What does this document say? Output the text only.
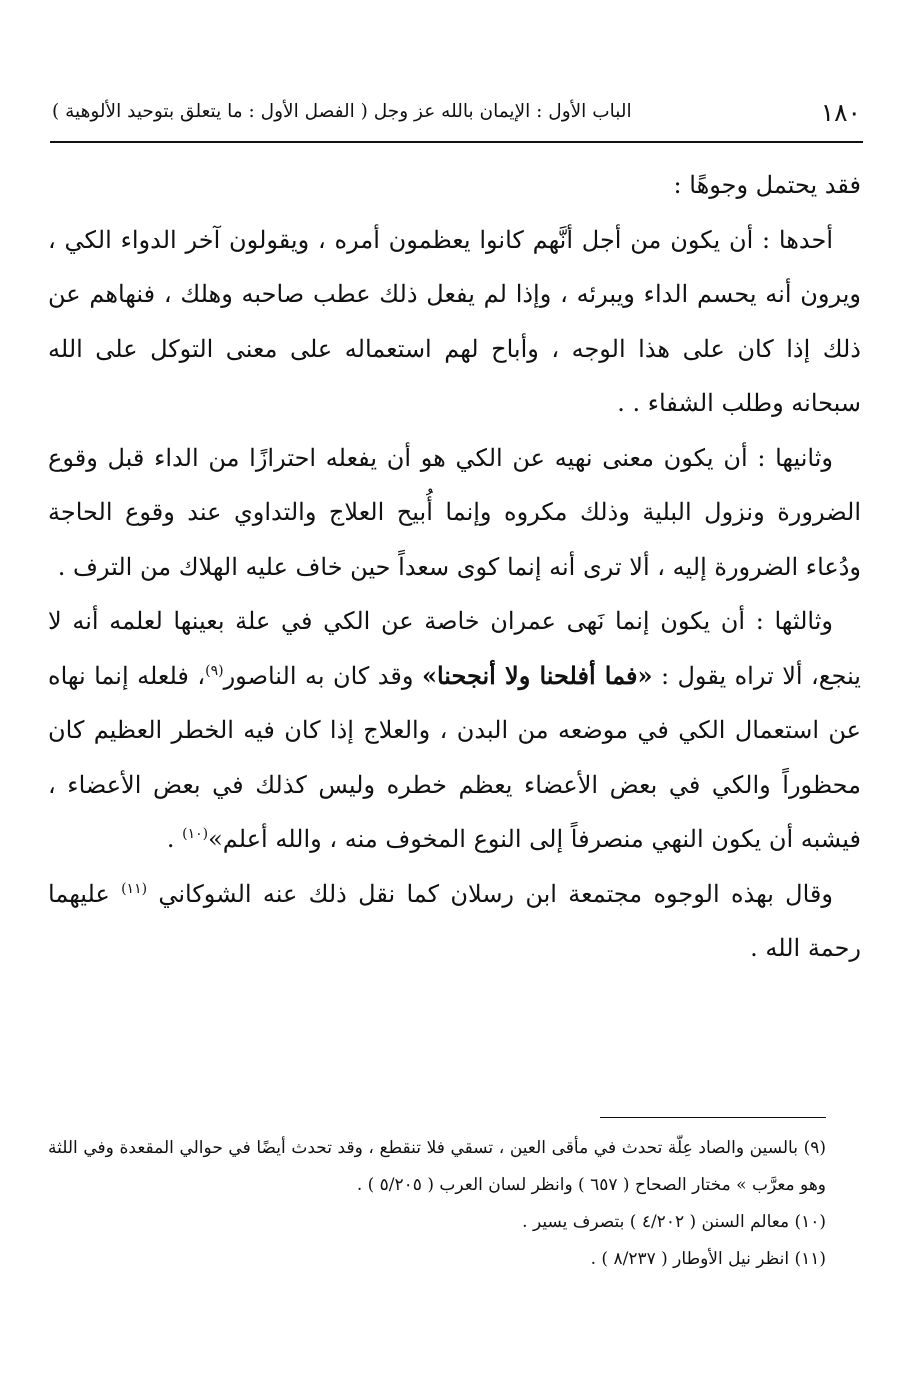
١٨٠
الباب الأول : الإيمان بالله عز وجل ( الفصل الأول : ما يتعلق بتوحيد الألوهية )

فقد يحتمل وجوهًا :

أحدها : أن يكون من أجل أنَّهم كانوا يعظمون أمره ، ويقولون آخر الدواء الكي ، ويرون أنه يحسم الداء ويبرئه ، وإذا لم يفعل ذلك عطب صاحبه وهلك ، فنهاهم عن ذلك إذا كان على هذا الوجه ، وأباح لهم استعماله على معنى التوكل على الله سبحانه وطلب الشفاء . .

وثانيها : أن يكون معنى نهيه عن الكي هو أن يفعله احترازًا من الداء قبل وقوع الضرورة ونزول البلية وذلك مكروه وإنما أُبيح العلاج والتداوي عند وقوع الحاجة ودُعاء الضرورة إليه ، ألا ترى أنه إنما كوى سعداً حين خاف عليه الهلاك من الترف .

وثالثها : أن يكون إنما نَهى عمران خاصة عن الكي في علة بعينها لعلمه أنه لا ينجع، ألا تراه يقول : «فما أفلحنا ولا أنجحنا» وقد كان به الناصور$^{(٩)}$، فلعله إنما نهاه عن استعمال الكي في موضعه من البدن ، والعلاج إذا كان فيه الخطر العظيم كان محظوراً والكي في بعض الأعضاء يعظم خطره وليس كذلك في بعض الأعضاء ، فيشبه أن يكون النهي منصرفاً إلى النوع المخوف منه ، والله أعلم»$^{(١٠)}$ .

وقال بهذه الوجوه مجتمعة ابن رسلان كما نقل ذلك عنه الشوكاني $^{(١١)}$ عليهما رحمة الله .

(٩) بالسين والصاد عِلّة تحدث في مأقى العين ، تسقي فلا تنقطع ، وقد تحدث أيضًا في حوالي المقعدة وفي اللثة وهو معرَّب » مختار الصحاح ( ٦٥٧ ) وانظر لسان العرب ( ٥/٢٠٥ ) .

(١٠) معالم السنن ( ٤/٢٠٢ ) بتصرف يسير .

(١١) انظر نيل الأوطار ( ٨/٢٣٧ ) .
